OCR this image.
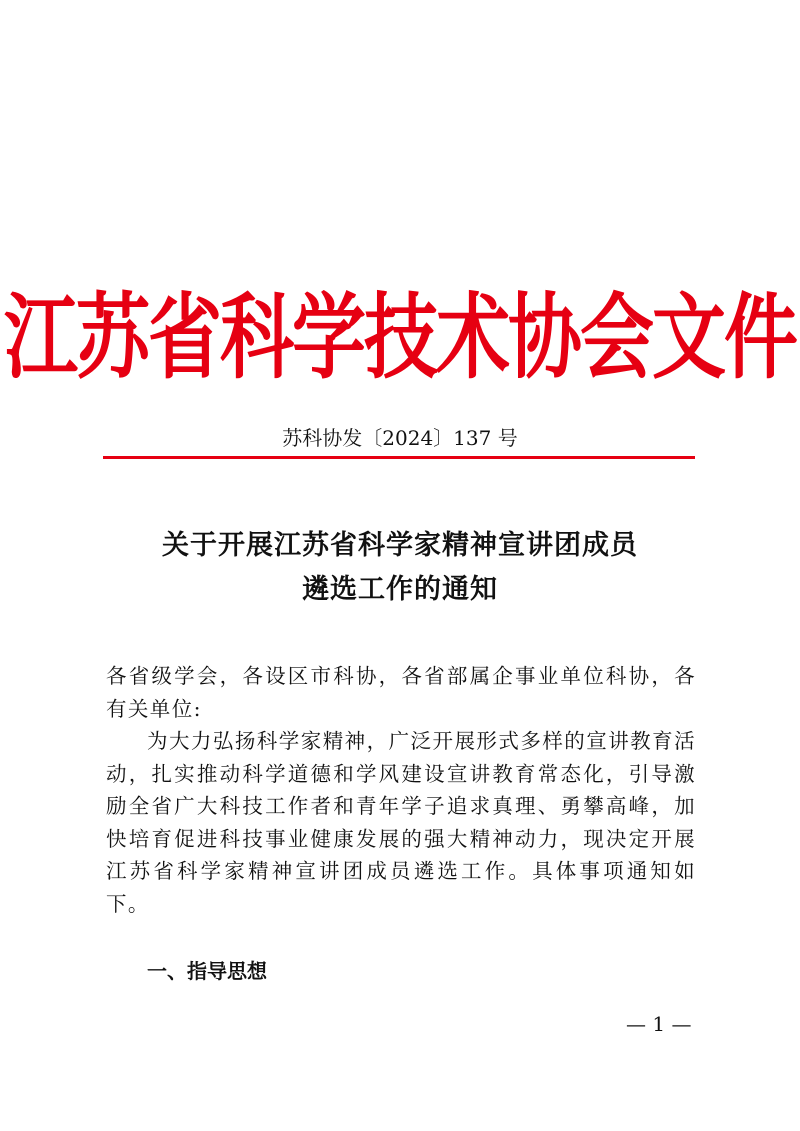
江苏省科学技术协会文件
苏科协发〔2024〕137 号
关于开展江苏省科学家精神宣讲团成员
遴选工作的通知

各省级学会，各设区市科协，各省部属企事业单位科协，各有关单位:

为大力弘扬科学家精神，广泛开展形式多样的宣讲教育活动，扎实推动科学道德和学风建设宣讲教育常态化，引导激励全省广大科技工作者和青年学子追求真理、勇攀高峰，加快培育促进科技事业健康发展的强大精神动力，现决定开展江苏省科学家精神宣讲团成员遴选工作。具体事项通知如下。

一、指导思想
— 1 —
